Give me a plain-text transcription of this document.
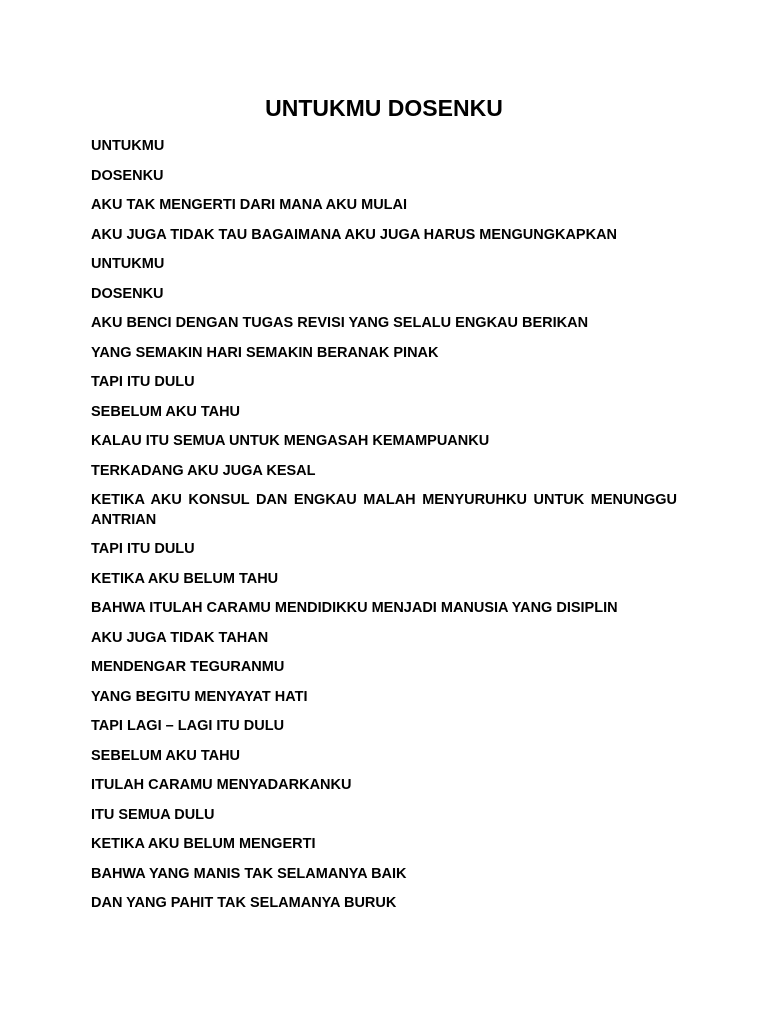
UNTUKMU DOSENKU
UNTUKMU
DOSENKU
AKU TAK MENGERTI DARI MANA AKU MULAI
AKU JUGA TIDAK TAU BAGAIMANA AKU JUGA HARUS MENGUNGKAPKAN
UNTUKMU
DOSENKU
AKU BENCI DENGAN TUGAS REVISI YANG SELALU ENGKAU BERIKAN
YANG SEMAKIN HARI SEMAKIN BERANAK PINAK
TAPI ITU DULU
SEBELUM AKU TAHU
KALAU ITU SEMUA UNTUK MENGASAH KEMAMPUANKU
TERKADANG AKU JUGA KESAL
KETIKA AKU KONSUL DAN ENGKAU MALAH MENYURUHKU UNTUK MENUNGGU ANTRIAN
TAPI ITU DULU
KETIKA AKU BELUM TAHU
BAHWA ITULAH CARAMU MENDIDIKKU MENJADI MANUSIA YANG DISIPLIN
AKU JUGA TIDAK TAHAN
MENDENGAR TEGURANMU
YANG BEGITU MENYAYAT HATI
TAPI LAGI – LAGI ITU DULU
SEBELUM AKU TAHU
ITULAH CARAMU MENYADARKANKU
ITU SEMUA DULU
KETIKA AKU BELUM MENGERTI
BAHWA YANG MANIS TAK SELAMANYA BAIK
DAN YANG PAHIT TAK SELAMANYA BURUK
